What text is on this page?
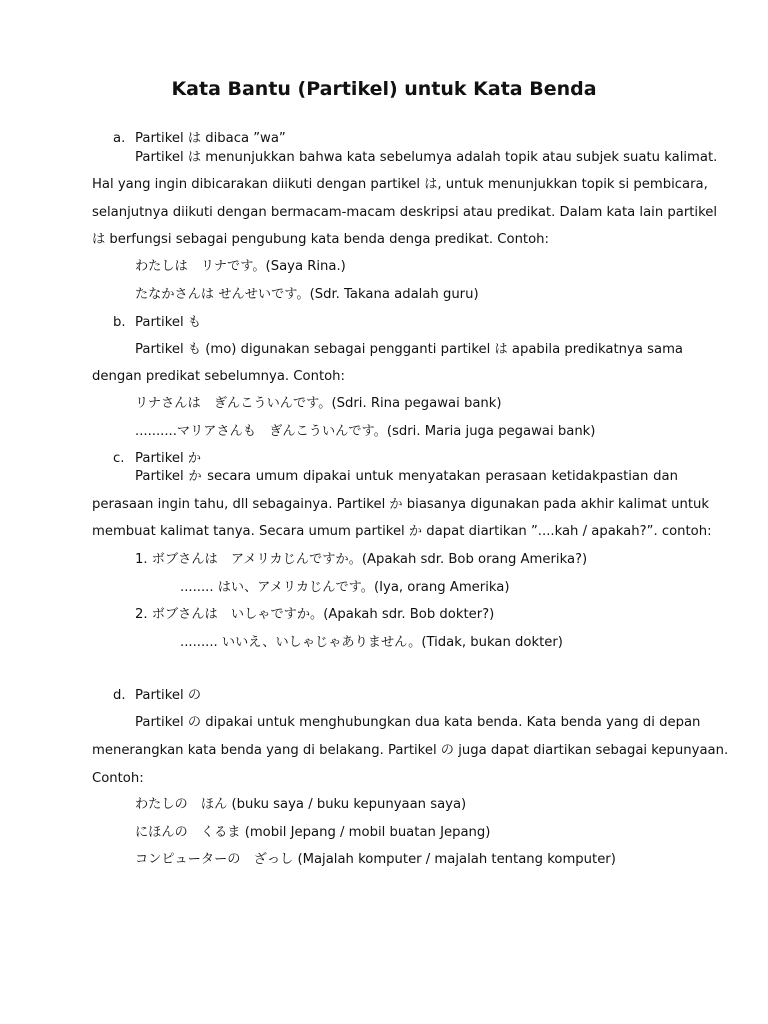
Kata Bantu (Partikel) untuk Kata Benda
a. Partikel は dibaca ”wa”
Partikel は menunjukkan bahwa kata sebelumya adalah topik atau subjek suatu kalimat.
Hal yang ingin dibicarakan diikuti dengan partikel は, untuk menunjukkan topik si pembicara,
selanjutnya diikuti dengan bermacam-macam deskripsi atau predikat. Dalam kata lain partikel
は berfungsi sebagai pengubung kata benda denga predikat. Contoh:
わたしは　リナです。(Saya Rina.)
たなかさんは せんせいです。(Sdr. Takana adalah guru)
b. Partikel も
Partikel も (mo) digunakan sebagai pengganti partikel は apabila predikatnya sama
dengan predikat sebelumnya. Contoh:
リナさんは　ぎんこういんです。(Sdri. Rina pegawai bank)
..........マリアさんも　ぎんこういんです。(sdri. Maria juga pegawai bank)
c. Partikel か
Partikel か secara umum dipakai untuk menyatakan perasaan ketidakpastian dan
perasaan ingin tahu, dll sebagainya. Partikel か biasanya digunakan pada akhir kalimat untuk
membuat kalimat tanya. Secara umum partikel か dapat diartikan ”....kah / apakah?”. contoh:
1. ボブさんは　アメリカじんですか。(Apakah sdr. Bob orang Amerika?)
........ はい、アメリカじんです。(Iya, orang Amerika)
2. ボブさんは　いしゃですか。(Apakah sdr. Bob dokter?)
......... いいえ、いしゃじゃありません。(Tidak, bukan dokter)
d. Partikel の
Partikel の dipakai untuk menghubungkan dua kata benda. Kata benda yang di depan
menerangkan kata benda yang di belakang. Partikel の juga dapat diartikan sebagai kepunyaan.
Contoh:
わたしの　ほん (buku saya / buku kepunyaan saya)
にほんの　くるま (mobil Jepang / mobil buatan Jepang)
コンピューターの　ざっし (Majalah komputer / majalah tentang komputer)
